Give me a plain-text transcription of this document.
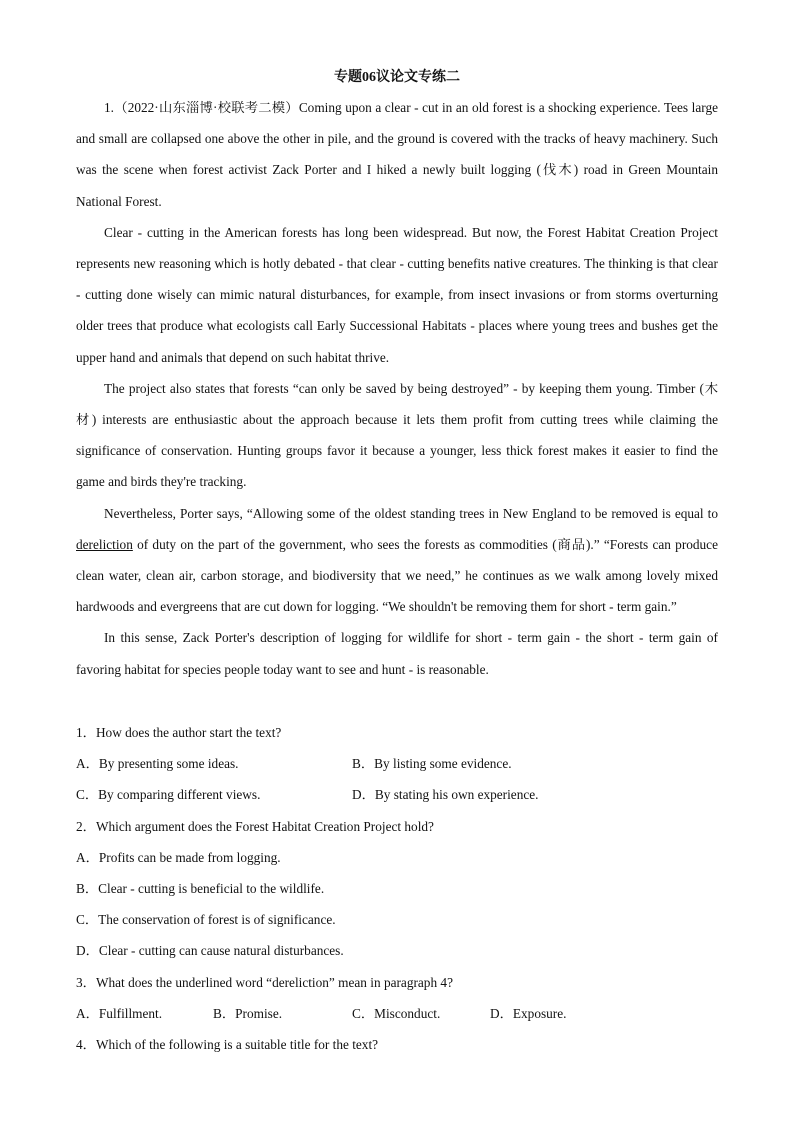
专题06议论文专练二

1.（2022·山东淄博·校联考二模）Coming upon a clear - cut in an old forest is a shocking experience. Tees large and small are collapsed one above the other in pile, and the ground is covered with the tracks of heavy machinery. Such was the scene when forest activist Zack Porter and I hiked a newly built logging (伐木) road in Green Mountain National Forest.

Clear - cutting in the American forests has long been widespread. But now, the Forest Habitat Creation Project represents new reasoning which is hotly debated - that clear - cutting benefits native creatures. The thinking is that clear - cutting done wisely can mimic natural disturbances, for example, from insect invasions or from storms overturning older trees that produce what ecologists call Early Successional Habitats - places where young trees and bushes get the upper hand and animals that depend on such habitat thrive.

The project also states that forests “can only be saved by being destroyed” - by keeping them young. Timber (木材) interests are enthusiastic about the approach because it lets them profit from cutting trees while claiming the significance of conservation. Hunting groups favor it because a younger, less thick forest makes it easier to find the game and birds they're tracking.

Nevertheless, Porter says, “Allowing some of the oldest standing trees in New England to be removed is equal to dereliction of duty on the part of the government, who sees the forests as commodities (商品).” “Forests can produce clean water, clean air, carbon storage, and biodiversity that we need,” he continues as we walk among lovely mixed hardwoods and evergreens that are cut down for logging. “We shouldn't be removing them for short - term gain.”

In this sense, Zack Porter's description of logging for wildlife for short - term gain - the short - term gain of favoring habitat for species people today want to see and hunt - is reasonable.

1．How does the author start the text?
A．By presenting some ideas.	B．By listing some evidence.
C．By comparing different views.	D．By stating his own experience.
2．Which argument does the Forest Habitat Creation Project hold?
A．Profits can be made from logging.
B．Clear - cutting is beneficial to the wildlife.
C．The conservation of forest is of significance.
D．Clear - cutting can cause natural disturbances.
3．What does the underlined word “dereliction” mean in paragraph 4?
A．Fulfillment.	B．Promise.	C．Misconduct.	D．Exposure.
4．Which of the following is a suitable title for the text?
